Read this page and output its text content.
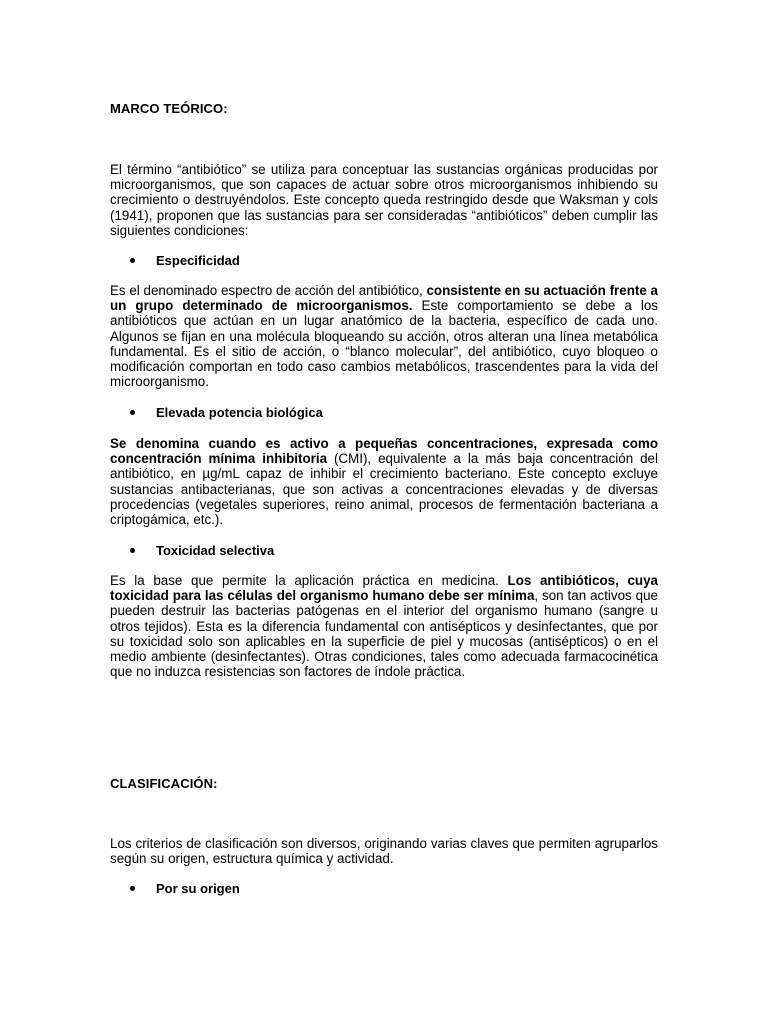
MARCO TEÓRICO:

El término “antibiótico” se utiliza para conceptuar las sustancias orgánicas producidas por microorganismos, que son capaces de actuar sobre otros microorganismos inhibiendo su crecimiento o destruyéndolos. Este concepto queda restringido desde que Waksman y cols (1941), proponen que las sustancias para ser consideradas “antibióticos” deben cumplir las siguientes condiciones:

Especificidad

Es el denominado espectro de acción del antibiótico, consistente en su actuación frente a un grupo determinado de microorganismos. Este comportamiento se debe a los antibióticos que actúan en un lugar anatómico de la bacteria, específico de cada uno. Algunos se fijan en una molécula bloqueando su acción, otros alteran una línea metabólica fundamental. Es el sitio de acción, o “blanco molecular”, del antibiótico, cuyo bloqueo o modificación comportan en todo caso cambios metabólicos, trascendentes para la vida del microorganismo.

Elevada potencia biológica

Se denomina cuando es activo a pequeñas concentraciones, expresada como concentración mínima inhibitoria (CMI), equivalente a la más baja concentración del antibiótico, en µg/mL capaz de inhibir el crecimiento bacteriano. Este concepto excluye sustancias antibacterianas, que son activas a concentraciones elevadas y de diversas procedencias (vegetales superiores, reino animal, procesos de fermentación bacteriana a criptogámica, etc.).

Toxicidad selectiva

Es la base que permite la aplicación práctica en medicina. Los antibióticos, cuya toxicidad para las células del organismo humano debe ser mínima, son tan activos que pueden destruir las bacterias patógenas en el interior del organismo humano (sangre u otros tejidos). Esta es la diferencia fundamental con antisépticos y desinfectantes, que por su toxicidad solo son aplicables en la superficie de piel y mucosas (antisépticos) o en el medio ambiente (desinfectantes). Otras condiciones, tales como adecuada farmacocinética que no induzca resistencias son factores de índole práctica.

CLASIFICACIÓN:

Los criterios de clasificación son diversos, originando varias claves que permiten agruparlos según su origen, estructura química y actividad.

Por su origen
